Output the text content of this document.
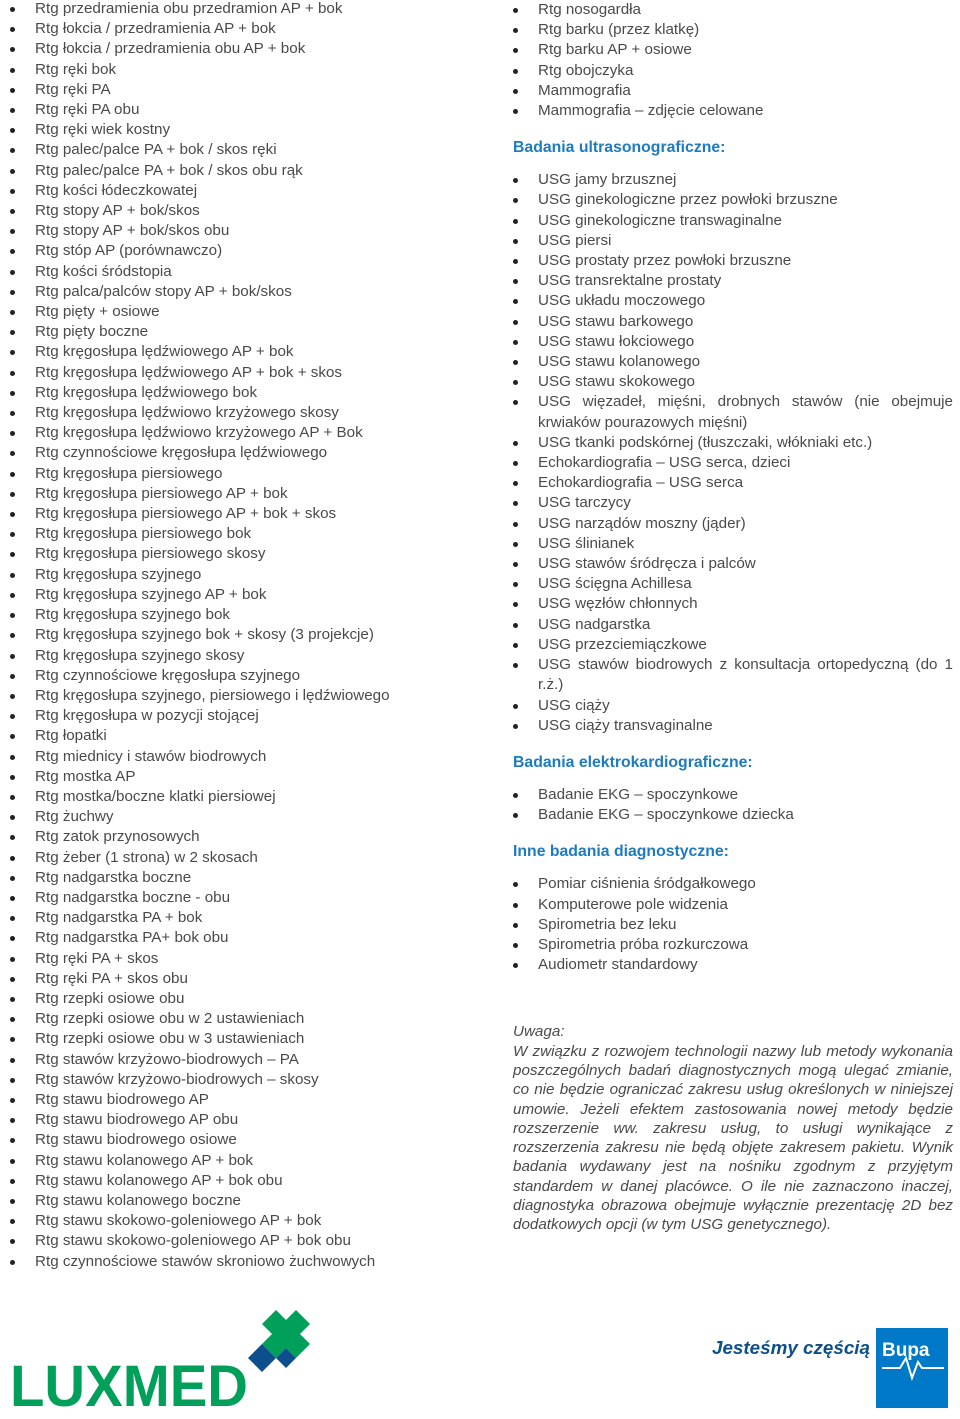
Rtg przedramienia obu przedramion AP + bok
Rtg łokcia / przedramienia AP + bok
Rtg łokcia / przedramienia obu AP + bok
Rtg ręki bok
Rtg ręki PA
Rtg ręki PA obu
Rtg ręki wiek kostny
Rtg palec/palce PA + bok / skos ręki
Rtg palec/palce PA + bok / skos obu rąk
Rtg kości łódeczkowatej
Rtg stopy AP + bok/skos
Rtg stopy AP + bok/skos obu
Rtg stóp AP (porównawczo)
Rtg kości śródstopia
Rtg palca/palców stopy AP + bok/skos
Rtg pięty + osiowe
Rtg pięty boczne
Rtg kręgosłupa lędźwiowego AP + bok
Rtg kręgosłupa lędźwiowego AP + bok + skos
Rtg kręgosłupa lędźwiowego bok
Rtg kręgosłupa lędźwiowo krzyżowego skosy
Rtg kręgosłupa lędźwiowo krzyżowego AP + Bok
Rtg czynnościowe kręgosłupa lędźwiowego
Rtg kręgosłupa piersiowego
Rtg kręgosłupa piersiowego AP + bok
Rtg kręgosłupa piersiowego AP + bok + skos
Rtg kręgosłupa piersiowego bok
Rtg kręgosłupa piersiowego skosy
Rtg kręgosłupa szyjnego
Rtg kręgosłupa szyjnego AP + bok
Rtg kręgosłupa szyjnego bok
Rtg kręgosłupa szyjnego bok + skosy (3 projekcje)
Rtg kręgosłupa szyjnego skosy
Rtg czynnościowe kręgosłupa szyjnego
Rtg kręgosłupa szyjnego, piersiowego i lędźwiowego
Rtg kręgosłupa w pozycji stojącej
Rtg łopatki
Rtg miednicy i stawów biodrowych
Rtg mostka AP
Rtg mostka/boczne klatki piersiowej
Rtg żuchwy
Rtg zatok przynosowych
Rtg żeber (1 strona) w 2 skosach
Rtg nadgarstka boczne
Rtg nadgarstka boczne - obu
Rtg nadgarstka PA + bok
Rtg nadgarstka PA+ bok obu
Rtg ręki PA + skos
Rtg ręki PA + skos obu
Rtg rzepki osiowe obu
Rtg rzepki osiowe obu w 2 ustawieniach
Rtg rzepki osiowe obu w 3 ustawieniach
Rtg stawów krzyżowo-biodrowych – PA
Rtg stawów krzyżowo-biodrowych – skosy
Rtg stawu biodrowego AP
Rtg stawu biodrowego AP obu
Rtg stawu biodrowego osiowe
Rtg stawu kolanowego AP + bok
Rtg stawu kolanowego AP + bok obu
Rtg stawu kolanowego boczne
Rtg stawu skokowo-goleniowego AP + bok
Rtg stawu skokowo-goleniowego AP + bok obu
Rtg czynnościowe stawów skroniowo żuchwowych
Rtg nosogardła
Rtg barku (przez klatkę)
Rtg barku AP + osiowe
Rtg obojczyka
Mammografia
Mammografia – zdjęcie celowane
Badania ultrasonograficzne:
USG jamy brzusznej
USG ginekologiczne przez powłoki brzuszne
USG ginekologiczne transwaginalne
USG piersi
USG prostaty przez powłoki brzuszne
USG transrektalne prostaty
USG układu moczowego
USG stawu barkowego
USG stawu łokciowego
USG stawu kolanowego
USG stawu skokowego
USG więzadeł, mięśni, drobnych stawów (nie obejmuje krwiaków pourazowych mięśni)
USG tkanki podskórnej (tłuszczaki, włókniaki etc.)
Echokardiografia – USG serca, dzieci
Echokardiografia – USG serca
USG tarczycy
USG narządów moszny (jąder)
USG ślinianek
USG stawów śródręcza i palców
USG ścięgna Achillesa
USG węzłów chłonnych
USG nadgarstka
USG przezciemiączkowe
USG stawów biodrowych z konsultacja ortopedyczną (do 1 r.ż.)
USG ciąży
USG ciąży transvaginalne
Badania elektrokardiograficzne:
Badanie EKG – spoczynkowe
Badanie EKG – spoczynkowe dziecka
Inne badania diagnostyczne:
Pomiar ciśnienia śródgałkowego
Komputerowe pole widzenia
Spirometria bez leku
Spirometria próba rozkurczowa
Audiometr standardowy
Uwaga:
W związku z rozwojem technologii nazwy lub metody wykonania poszczególnych badań diagnostycznych mogą ulegać zmianie, co nie będzie ograniczać zakresu usług określonych w niniejszej umowie. Jeżeli efektem zastosowania nowej metody będzie rozszerzenie ww. zakresu usług, to usługi wynikające z rozszerzenia zakresu nie będą objęte zakresem pakietu. Wynik badania wydawany jest na nośniku zgodnym z przyjętym standardem w danej placówce. O ile nie zaznaczono inaczej, diagnostyka obrazowa obejmuje wyłącznie prezentację 2D bez dodatkowych opcji (w tym USG genetycznego).
LUXMED
Jesteśmy częścią Bupa
